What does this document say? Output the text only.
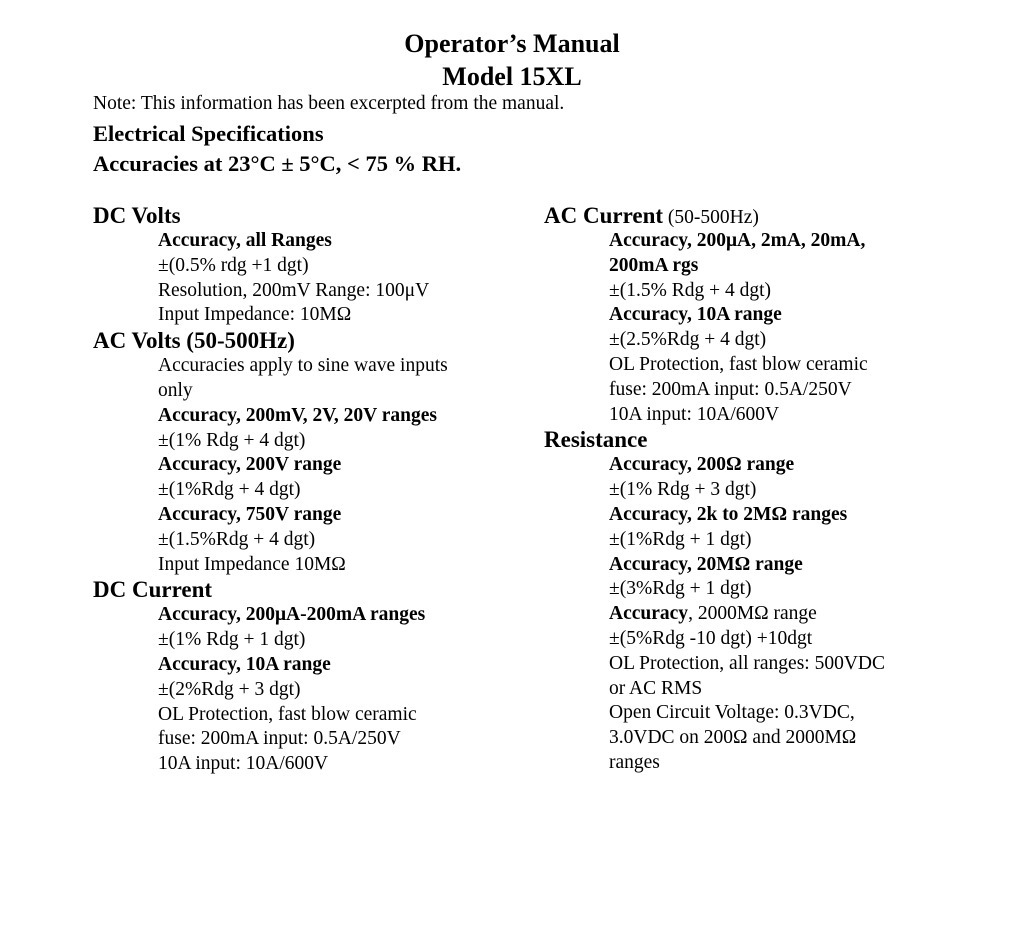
Operator’s Manual
Model 15XL
Note: This information has been excerpted from the manual.
Electrical Specifications
Accuracies at 23°C ± 5°C, < 75 % RH.
DC Volts
Accuracy, all Ranges
±(0.5% rdg +1 dgt)
Resolution, 200mV Range: 100μV
Input Impedance: 10MΩ
AC Volts (50-500Hz)
Accuracies apply to sine wave inputs
only
Accuracy, 200mV, 2V, 20V ranges
±(1% Rdg + 4 dgt)
Accuracy, 200V range
±(1%Rdg + 4 dgt)
Accuracy, 750V range
±(1.5%Rdg + 4 dgt)
Input Impedance 10MΩ
DC Current
Accuracy, 200μA-200mA ranges
±(1% Rdg + 1 dgt)
Accuracy, 10A range
±(2%Rdg + 3 dgt)
OL Protection, fast blow ceramic
fuse: 200mA input: 0.5A/250V
10A input: 10A/600V
AC Current (50-500Hz)
Accuracy, 200μA, 2mA, 20mA,
200mA rgs
±(1.5% Rdg + 4 dgt)
Accuracy, 10A range
±(2.5%Rdg + 4 dgt)
OL Protection, fast blow ceramic
fuse: 200mA input: 0.5A/250V
10A input: 10A/600V
Resistance
Accuracy, 200Ω range
±(1% Rdg + 3 dgt)
Accuracy, 2k to 2MΩ ranges
±(1%Rdg + 1 dgt)
Accuracy, 20MΩ range
±(3%Rdg + 1 dgt)
Accuracy, 2000MΩ range
±(5%Rdg -10 dgt) +10dgt
OL Protection, all ranges: 500VDC
or AC RMS
Open Circuit Voltage: 0.3VDC,
3.0VDC on 200Ω and 2000MΩ
ranges
